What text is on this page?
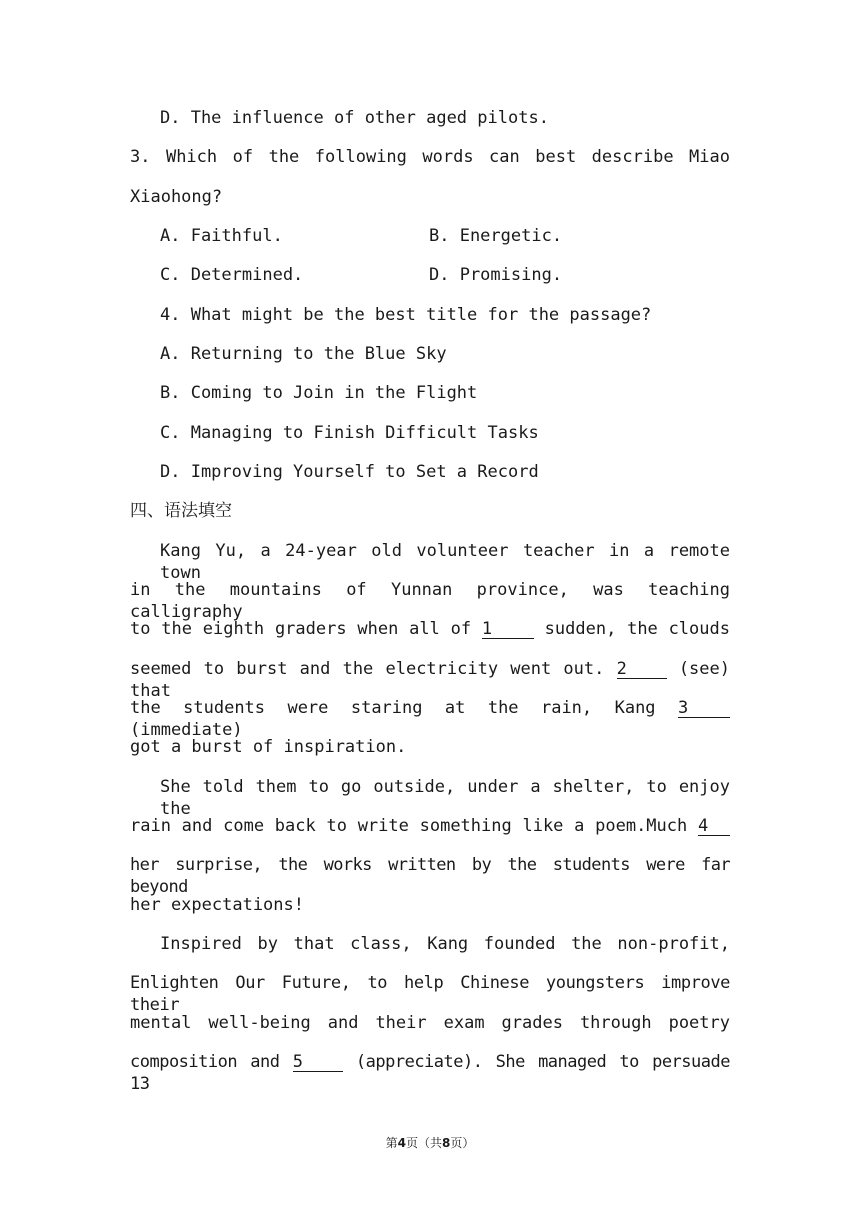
D. The influence of other aged pilots.
3. Which of the following words can best describe Miao
Xiaohong?
A. Faithful.	B. Energetic.
C. Determined.	D. Promising.
4. What might be the best title for the passage?
A. Returning to the Blue Sky
B. Coming to Join in the Flight
C. Managing to Finish Difficult Tasks
D. Improving Yourself to Set a Record
四、语法填空
Kang Yu, a 24-year old volunteer teacher in a remote town
in the mountains of Yunnan province, was teaching calligraphy
to the eighth graders when all of 1	sudden, the clouds
seemed to burst and the electricity went out. 2	(see) that
the students were staring at the rain, Kang 3 (immediate)
got a burst of inspiration.
She told them to go outside, under a shelter, to enjoy the
rain and come back to write something like a poem.Much 4
her surprise, the works written by the students were far beyond
her expectations!
Inspired by that class, Kang founded the non‑profit,
Enlighten Our Future, to help Chinese youngsters improve their
mental well‑being and their exam grades through poetry
composition and 5	(appreciate). She managed to persuade 13
第4页（共8页）
